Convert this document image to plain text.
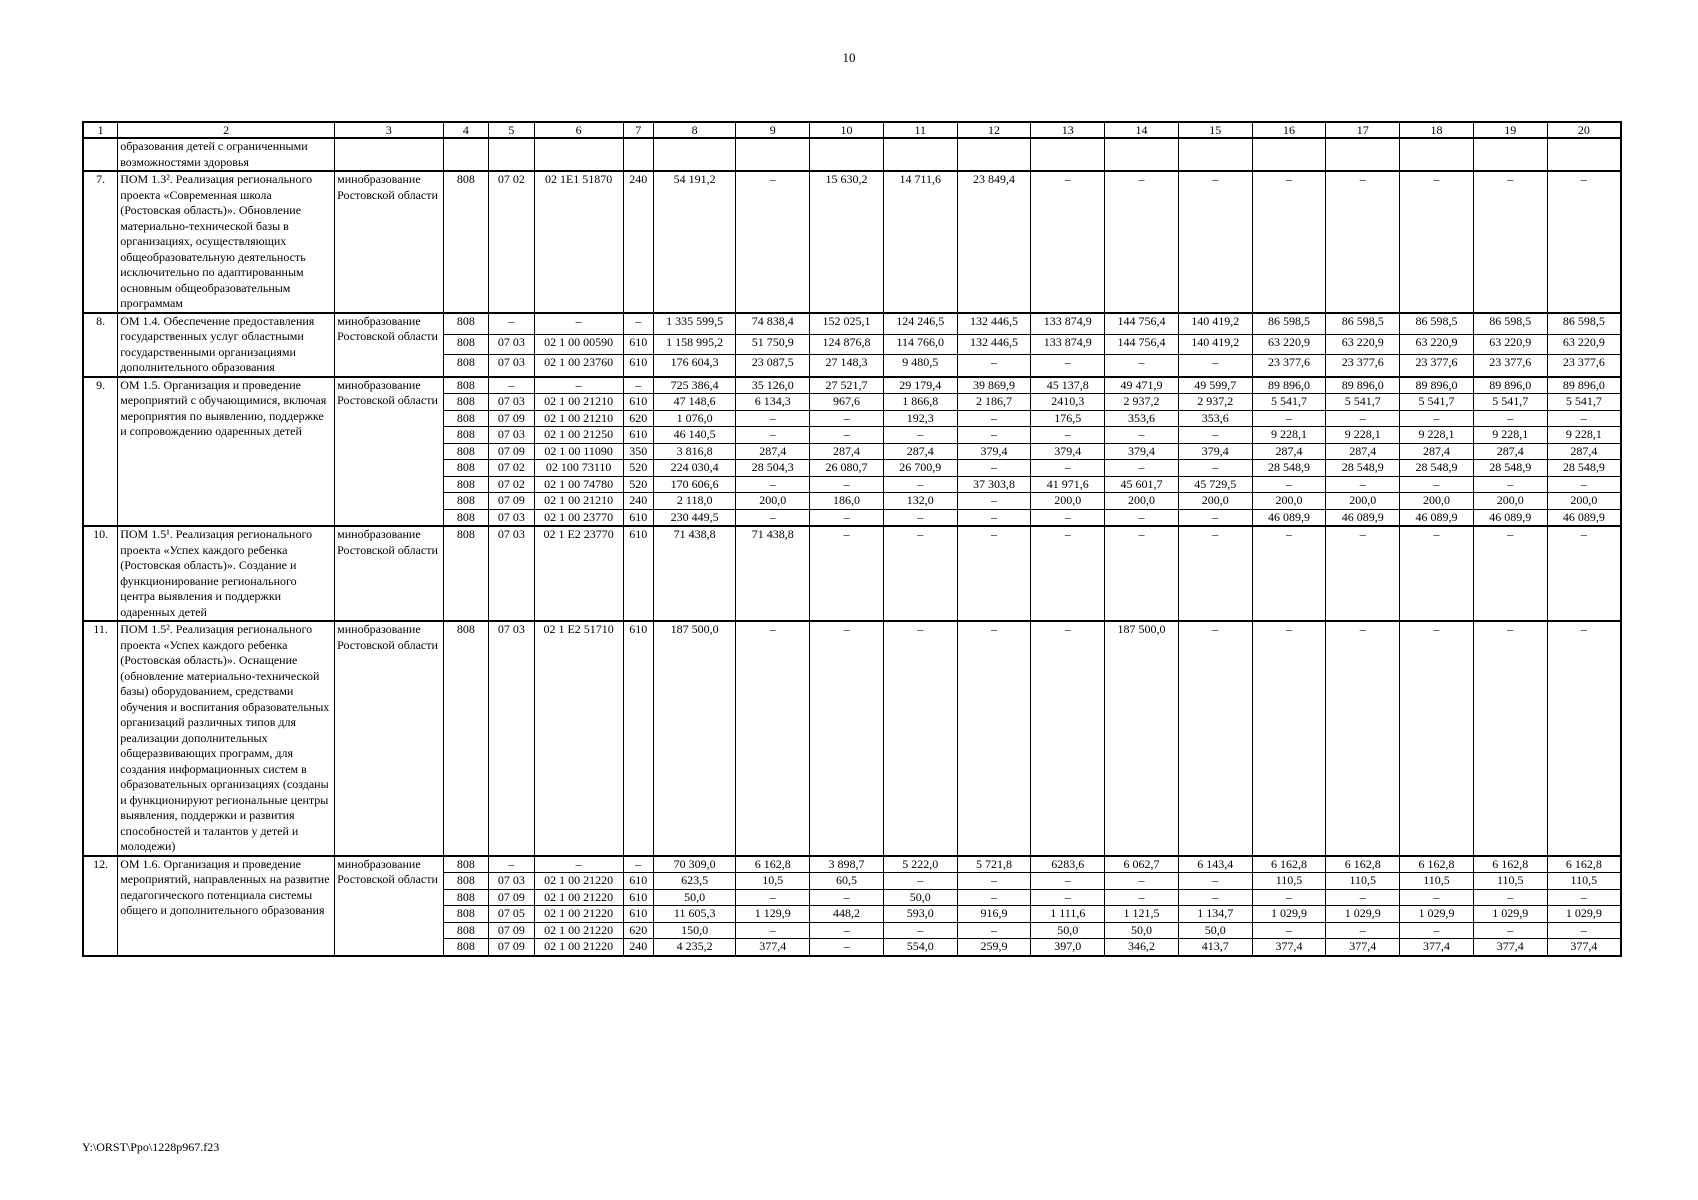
10
1	2	3	4	5	6	7	8	9	10	11	12	13	14	15	16	17	18	19	20
	образования детей с ограниченными возможностями здоровья																		
7.	ПОМ 1.3². Реализация регионального проекта «Современная школа (Ростовская область)». Обновление материально-технической базы в организациях, осуществляющих общеобразовательную деятельность исключительно по адаптированным основным общеобразовательным программам	минобразование Ростовской области	808	07 02	02 1E1 51870	240	54 191,2	–	15 630,2	14 711,6	23 849,4	–	–	–	–	–	–	–	–
8.	ОМ 1.4. Обеспечение предоставления государственных услуг областными государственными организациями дополнительного образования	минобразование Ростовской области	808	–	–	–	1 335 599,5	74 838,4	152 025,1	124 246,5	132 446,5	133 874,9	144 756,4	140 419,2	86 598,5	86 598,5	86 598,5	86 598,5	86 598,5
			808	07 03	02 1 00 00590	610	1 158 995,2	51 750,9	124 876,8	114 766,0	132 446,5	133 874,9	144 756,4	140 419,2	63 220,9	63 220,9	63 220,9	63 220,9	63 220,9
			808	07 03	02 1 00 23760	610	176 604,3	23 087,5	27 148,3	9 480,5	–	–	–	–	23 377,6	23 377,6	23 377,6	23 377,6	23 377,6
9.	ОМ 1.5. Организация и проведение мероприятий с обучающимися, включая мероприятия по выявлению, поддержке и сопровождению одаренных детей	минобразование Ростовской области	808	–	–	–	725 386,4	35 126,0	27 521,7	29 179,4	39 869,9	45 137,8	49 471,9	49 599,7	89 896,0	89 896,0	89 896,0	89 896,0	89 896,0
			808	07 03	02 1 00 21210	610	47 148,6	6 134,3	967,6	1 866,8	2 186,7	2410,3	2 937,2	2 937,2	5 541,7	5 541,7	5 541,7	5 541,7	5 541,7
			808	07 09	02 1 00 21210	620	1 076,0	–	–	192,3	–	176,5	353,6	353,6	–	–	–	–	–
			808	07 03	02 1 00 21250	610	46 140,5	–	–	–	–	–	–	–	9 228,1	9 228,1	9 228,1	9 228,1	9 228,1
			808	07 09	02 1 00 11090	350	3 816,8	287,4	287,4	287,4	379,4	379,4	379,4	379,4	287,4	287,4	287,4	287,4	287,4
			808	07 02	02 100 73110	520	224 030,4	28 504,3	26 080,7	26 700,9	–	–	–	–	28 548,9	28 548,9	28 548,9	28 548,9	28 548,9
			808	07 02	02 1 00 74780	520	170 606,6	–	–	–	37 303,8	41 971,6	45 601,7	45 729,5	–	–	–	–	–
			808	07 09	02 1 00 21210	240	2 118,0	200,0	186,0	132,0	–	200,0	200,0	200,0	200,0	200,0	200,0	200,0	200,0
			808	07 03	02 1 00 23770	610	230 449,5	–	–	–	–	–	–	–	46 089,9	46 089,9	46 089,9	46 089,9	46 089,9
10.	ПОМ 1.5¹. Реализация регионального проекта «Успех каждого ребенка (Ростовская область)». Создание и функционирование регионального центра выявления и поддержки одаренных детей	минобразование Ростовской области	808	07 03	02 1 E2 23770	610	71 438,8	71 438,8	–	–	–	–	–	–	–	–	–	–	–
11.	ПОМ 1.5². Реализация регионального проекта «Успех каждого ребенка (Ростовская область)». Оснащение (обновление материально-технической базы) оборудованием, средствами обучения и воспитания образовательных организаций различных типов для реализации дополнительных общеразвивающих программ, для создания информационных систем в образовательных организациях (созданы и функционируют региональные центры выявления, поддержки и развития способностей и талантов у детей и молодежи)	минобразование Ростовской области	808	07 03	02 1 E2 51710	610	187 500,0	–	–	–	–	–	187 500,0	–	–	–	–	–	–
12.	ОМ 1.6. Организация и проведение мероприятий, направленных на развитие педагогического потенциала системы общего и дополнительного образования	минобразование Ростовской области	808	–	–	–	70 309,0	6 162,8	3 898,7	5 222,0	5 721,8	6283,6	6 062,7	6 143,4	6 162,8	6 162,8	6 162,8	6 162,8	6 162,8
			808	07 03	02 1 00 21220	610	623,5	10,5	60,5	–	–	–	–	–	110,5	110,5	110,5	110,5	110,5
			808	07 09	02 1 00 21220	610	50,0	–	–	50,0	–	–	–	–	–	–	–	–	–
			808	07 05	02 1 00 21220	610	11 605,3	1 129,9	448,2	593,0	916,9	1 111,6	1 121,5	1 134,7	1 029,9	1 029,9	1 029,9	1 029,9	1 029,9
			808	07 09	02 1 00 21220	620	150,0	–	–	–	–	50,0	50,0	50,0	–	–	–	–	–
			808	07 09	02 1 00 21220	240	4 235,2	377,4	–	554,0	259,9	397,0	346,2	413,7	377,4	377,4	377,4	377,4	377,4
Y:\ORST\Ppo\1228p967.f23
